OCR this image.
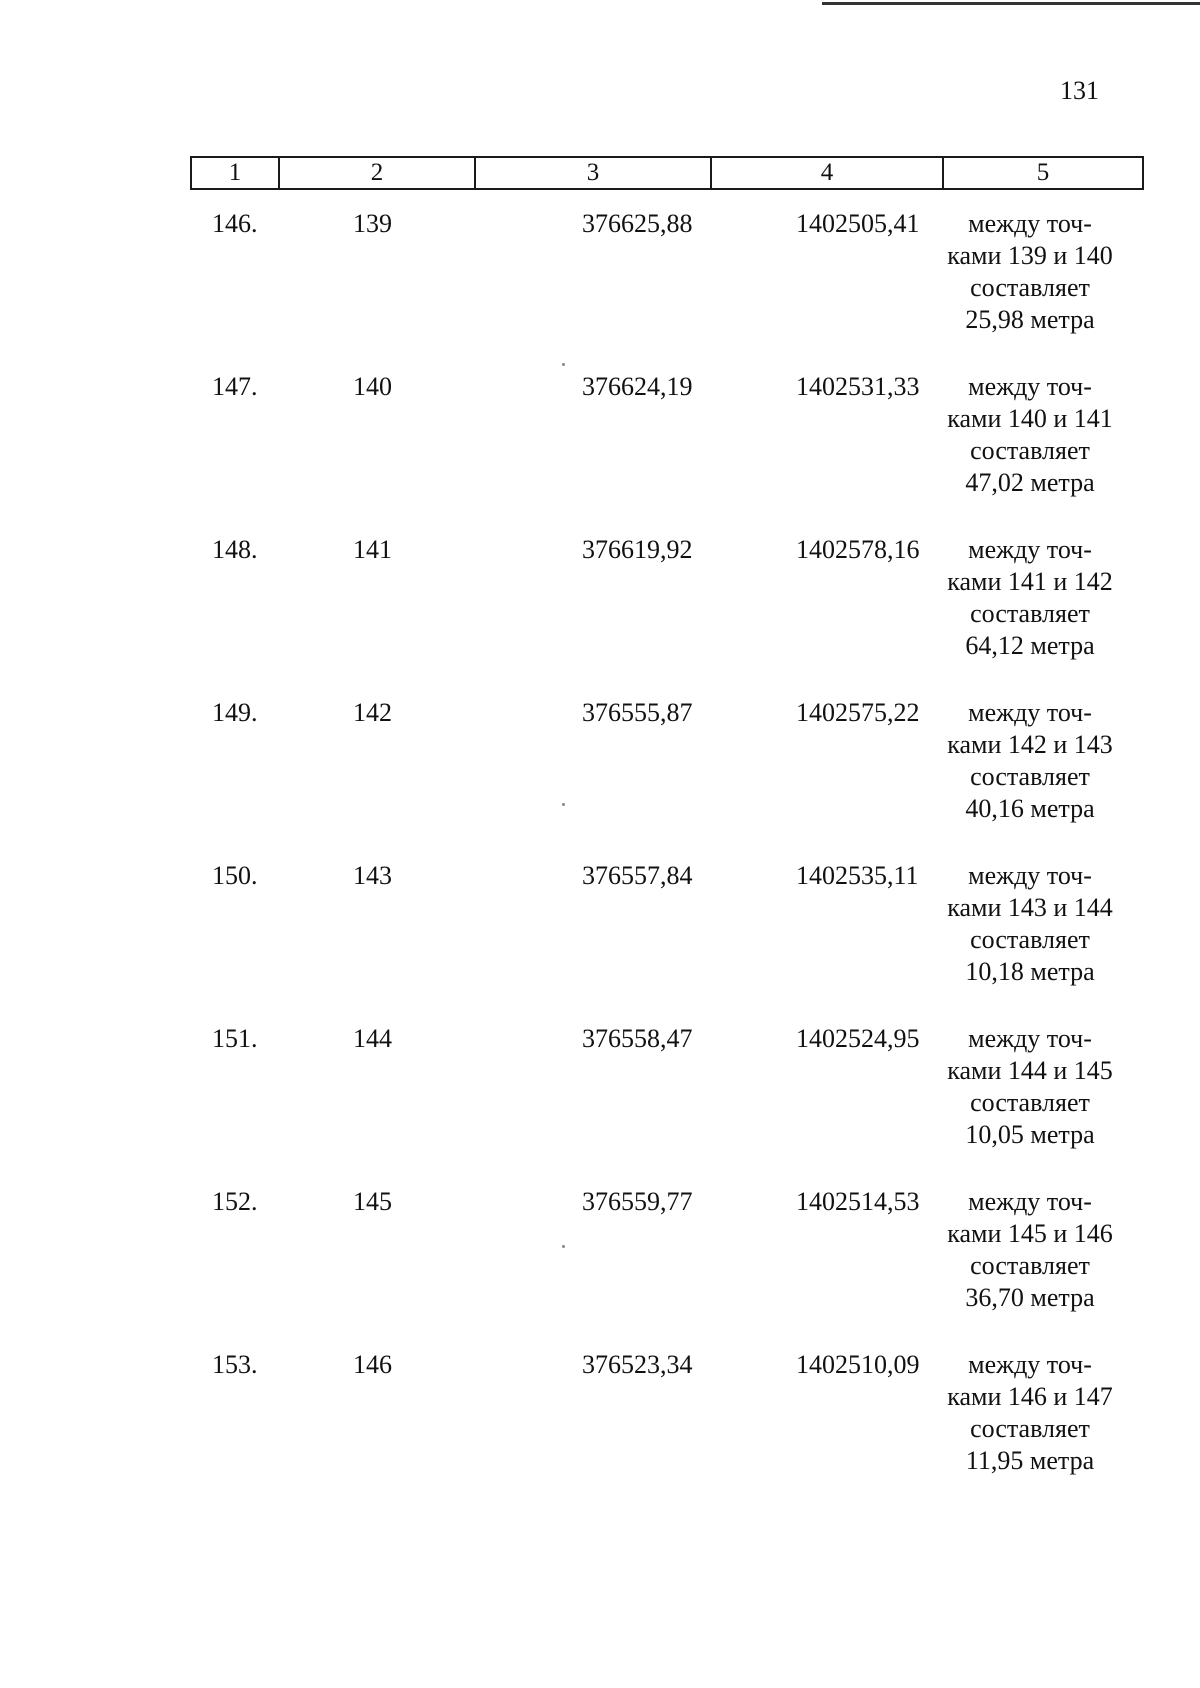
131
1	2	3	4	5
146.	139	376625,88	1402505,41	между точ-
ками 139 и 140
составляет
25,98 метра
147.	140	376624,19	1402531,33	между точ-
ками 140 и 141
составляет
47,02 метра
148.	141	376619,92	1402578,16	между точ-
ками 141 и 142
составляет
64,12 метра
149.	142	376555,87	1402575,22	между точ-
ками 142 и 143
составляет
40,16 метра
150.	143	376557,84	1402535,11	между точ-
ками 143 и 144
составляет
10,18 метра
151.	144	376558,47	1402524,95	между точ-
ками 144 и 145
составляет
10,05 метра
152.	145	376559,77	1402514,53	между точ-
ками 145 и 146
составляет
36,70 метра
153.	146	376523,34	1402510,09	между точ-
ками 146 и 147
составляет
11,95 метра
